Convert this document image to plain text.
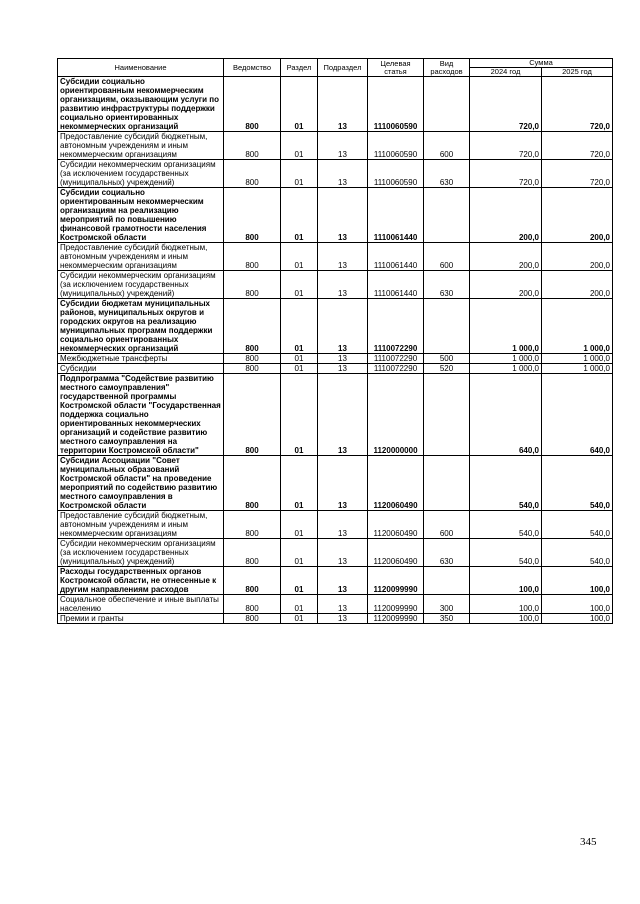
Наименование	Ведомство	Раздел	Подраздел	Целевая статья	Вид расходов	Сумма	
						2024 год	2025 год
Субсидии социально ориентированным некоммерческим организациям, оказывающим услуги по развитию инфраструктуры поддержки социально ориентированных некоммерческих организаций	800	01	13	1110060590		720,0	720,0
Предоставление субсидий бюджетным, автономным учреждениям и иным некоммерческим организациям	800	01	13	1110060590	600	720,0	720,0
Субсидии некоммерческим организациям (за исключением государственных (муниципальных) учреждений)	800	01	13	1110060590	630	720,0	720,0
Субсидии социально ориентированным некоммерческим организациям на реализацию мероприятий по повышению финансовой грамотности населения Костромской области	800	01	13	1110061440		200,0	200,0
Предоставление субсидий бюджетным, автономным учреждениям и иным некоммерческим организациям	800	01	13	1110061440	600	200,0	200,0
Субсидии некоммерческим организациям (за исключением государственных (муниципальных) учреждений)	800	01	13	1110061440	630	200,0	200,0
Субсидии бюджетам муниципальных районов, муниципальных округов и городских округов на реализацию муниципальных программ поддержки социально ориентированных некоммерческих организаций	800	01	13	1110072290		1 000,0	1 000,0
Межбюджетные трансферты	800	01	13	1110072290	500	1 000,0	1 000,0
Субсидии	800	01	13	1110072290	520	1 000,0	1 000,0
Подпрограмма "Содействие развитию местного самоуправления" государственной программы Костромской области "Государственная поддержка социально ориентированных некоммерческих организаций и содействие развитию местного самоуправления на территории Костромской области"	800	01	13	1120000000		640,0	640,0
Субсидии Ассоциации "Совет муниципальных образований Костромской области" на проведение мероприятий по содействию развитию местного самоуправления в Костромской области	800	01	13	1120060490		540,0	540,0
Предоставление субсидий бюджетным, автономным учреждениям и иным некоммерческим организациям	800	01	13	1120060490	600	540,0	540,0
Субсидии некоммерческим организациям (за исключением государственных (муниципальных) учреждений)	800	01	13	1120060490	630	540,0	540,0
Расходы государственных органов Костромской области, не отнесенные к другим направлениям расходов	800	01	13	1120099990		100,0	100,0
Социальное обеспечение и иные выплаты населению	800	01	13	1120099990	300	100,0	100,0
Премии и гранты	800	01	13	1120099990	350	100,0	100,0
345
